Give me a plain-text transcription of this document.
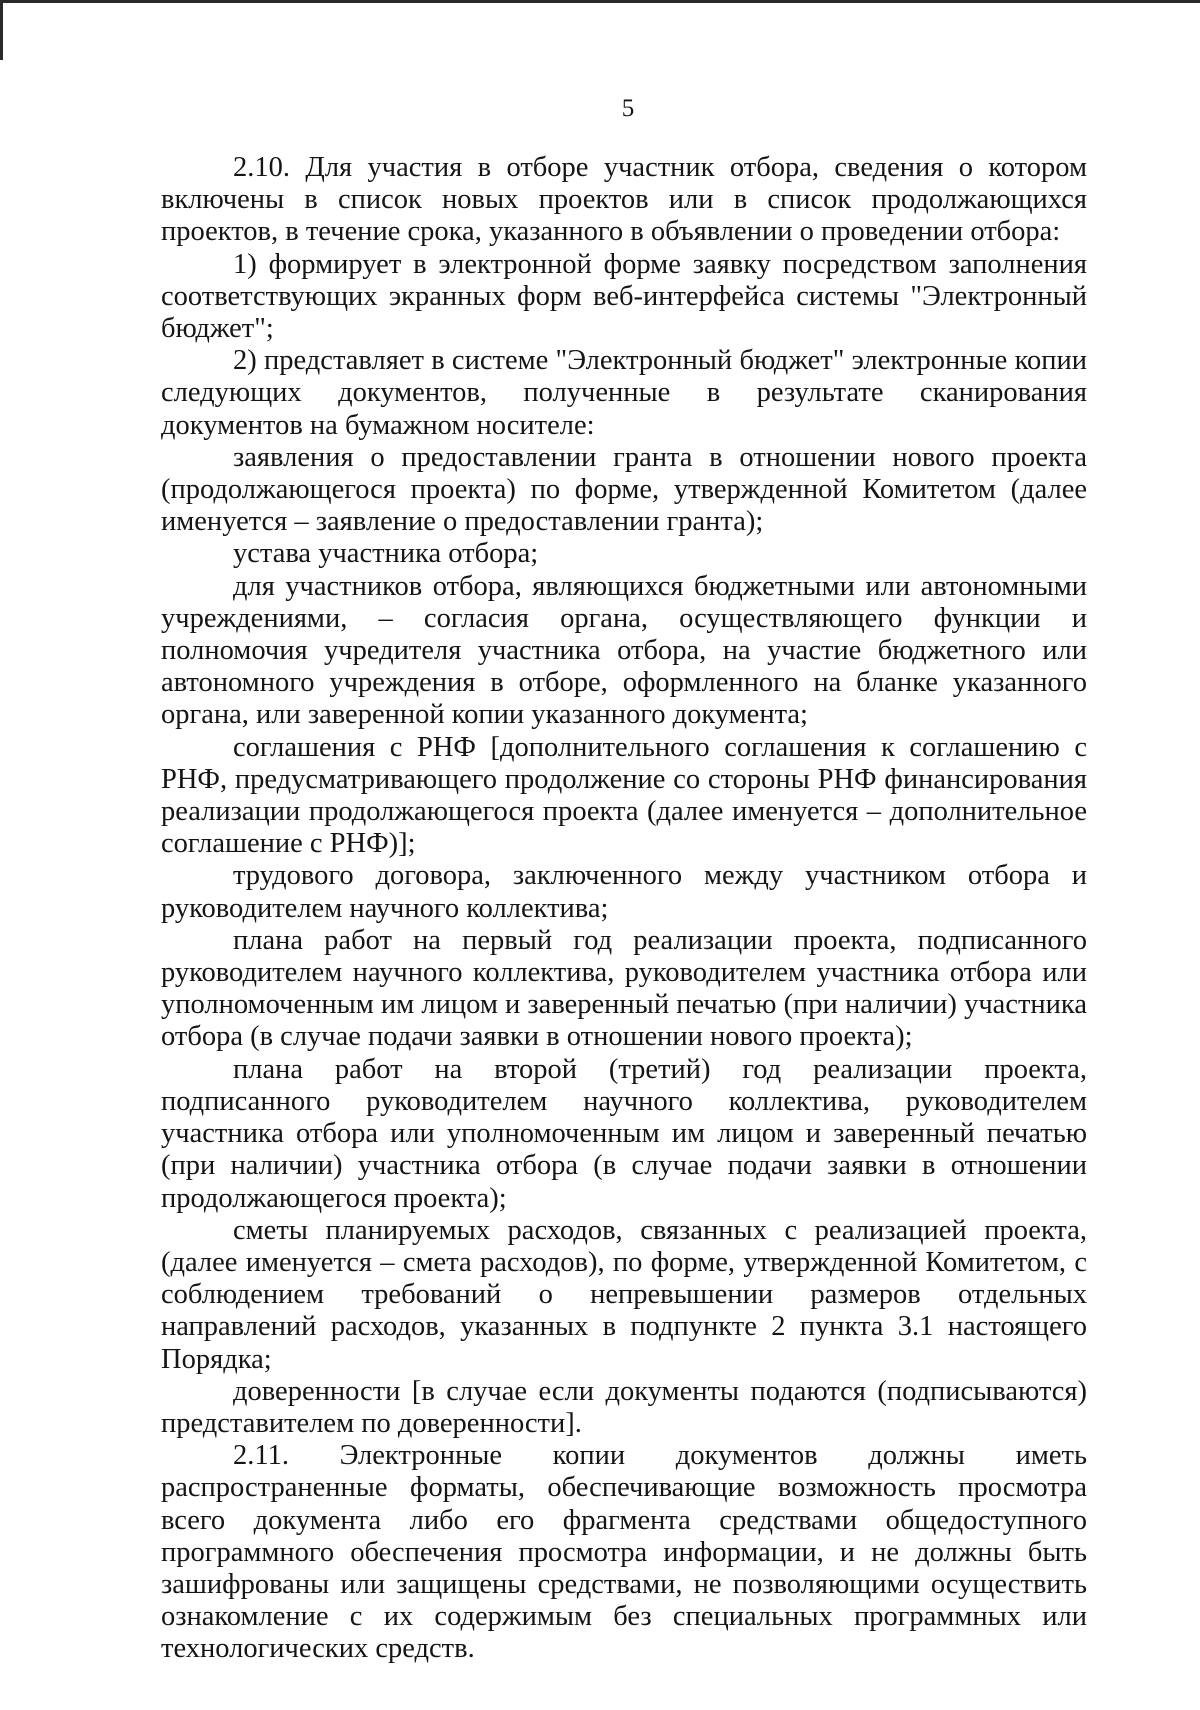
5

2.10. Для участия в отборе участник отбора, сведения о котором включены в список новых проектов или в список продолжающихся проектов, в течение срока, указанного в объявлении о проведении отбора:

1) формирует в электронной форме заявку посредством заполнения соответствующих экранных форм веб-интерфейса системы "Электронный бюджет";

2) представляет в системе "Электронный бюджет" электронные копии следующих документов, полученные в результате сканирования документов на бумажном носителе:

заявления о предоставлении гранта в отношении нового проекта (продолжающегося проекта) по форме, утвержденной Комитетом (далее именуется – заявление о предоставлении гранта);

устава участника отбора;

для участников отбора, являющихся бюджетными или автономными учреждениями, – согласия органа, осуществляющего функции и полномочия учредителя участника отбора, на участие бюджетного или автономного учреждения в отборе, оформленного на бланке указанного органа, или заверенной копии указанного документа;

соглашения с РНФ [дополнительного соглашения к соглашению с РНФ, предусматривающего продолжение со стороны РНФ финансирования реализации продолжающегося проекта (далее именуется – дополнительное соглашение с РНФ)];

трудового договора, заключенного между участником отбора и руководителем научного коллектива;

плана работ на первый год реализации проекта, подписанного руководителем научного коллектива, руководителем участника отбора или уполномоченным им лицом и заверенный печатью (при наличии) участника отбора (в случае подачи заявки в отношении нового проекта);

плана работ на второй (третий) год реализации проекта, подписанного руководителем научного коллектива, руководителем участника отбора или уполномоченным им лицом и заверенный печатью (при наличии) участника отбора (в случае подачи заявки в отношении продолжающегося проекта);

сметы планируемых расходов, связанных с реализацией проекта, (далее именуется – смета расходов), по форме, утвержденной Комитетом, с соблюдением требований о непревышении размеров отдельных направлений расходов, указанных в подпункте 2 пункта 3.1 настоящего Порядка;

доверенности [в случае если документы подаются (подписываются) представителем по доверенности].

2.11. Электронные копии документов должны иметь распространенные форматы, обеспечивающие возможность просмотра всего документа либо его фрагмента средствами общедоступного программного обеспечения просмотра информации, и не должны быть зашифрованы или защищены средствами, не позволяющими осуществить ознакомление с их содержимым без специальных программных или технологических средств.
